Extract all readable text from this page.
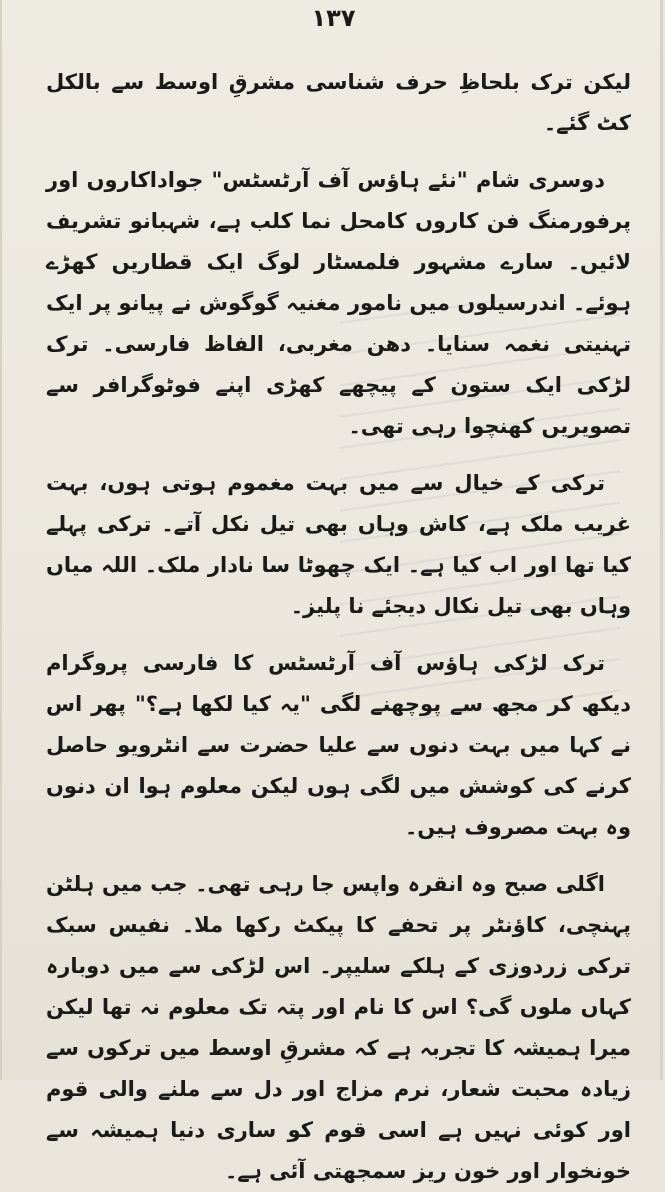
۱۳۷

لیکن ترک بلحاظِ حرف شناسی مشرقِ اوسط سے بالکل کٹ گئے۔

دوسری شام "نئے ہاؤس آف آرٹسٹس" جواداکاروں اور پرفورمنگ فن کاروں کامحل نما کلب ہے، شہبانو تشریف لائیں۔ سارے مشہور فلمسٹار لوگ ایک قطاریں کھڑے ہوئے۔ اندرسیلوں میں نامور مغنیہ گوگوش نے پیانو پر ایک تہنیتی نغمہ سنایا۔ دھن مغربی، الفاظ فارسی۔ ترک لڑکی ایک ستون کے پیچھے کھڑی اپنے فوٹوگرافر سے تصویریں کھنچوا رہی تھی۔

ترکی کے خیال سے میں بہت مغموم ہوتی ہوں، بہت غریب ملک ہے، کاش وہاں بھی تیل نکل آتے۔ ترکی پہلے کیا تھا اور اب کیا ہے۔ ایک چھوٹا سا نادار ملک۔ اللہ میاں وہاں بھی تیل نکال دیجئے نا پلیز۔

ترک لڑکی ہاؤس آف آرٹسٹس کا فارسی پروگرام دیکھ کر مجھ سے پوچھنے لگی "یہ کیا لکھا ہے؟" پھر اس نے کہا میں بہت دنوں سے علیا حضرت سے انٹرویو حاصل کرنے کی کوشش میں لگی ہوں لیکن معلوم ہوا ان دنوں وہ بہت مصروف ہیں۔

اگلی صبح وہ انقرہ واپس جا رہی تھی۔ جب میں ہلٹن پہنچی، کاؤنٹر پر تحفے کا پیکٹ رکھا ملا۔ نفیس سبک ترکی زردوزی کے ہلکے سلیپر۔ اس لڑکی سے میں دوبارہ کہاں ملوں گی؟ اس کا نام اور پتہ تک معلوم نہ تھا لیکن میرا ہمیشہ کا تجربہ ہے کہ مشرقِ اوسط میں ترکوں سے زیادہ محبت شعار، نرم مزاج اور دل سے ملنے والی قوم اور کوئی نہیں ہے اسی قوم کو ساری دنیا ہمیشہ سے خونخوار اور خون ریز سمجھتی آئی ہے۔
